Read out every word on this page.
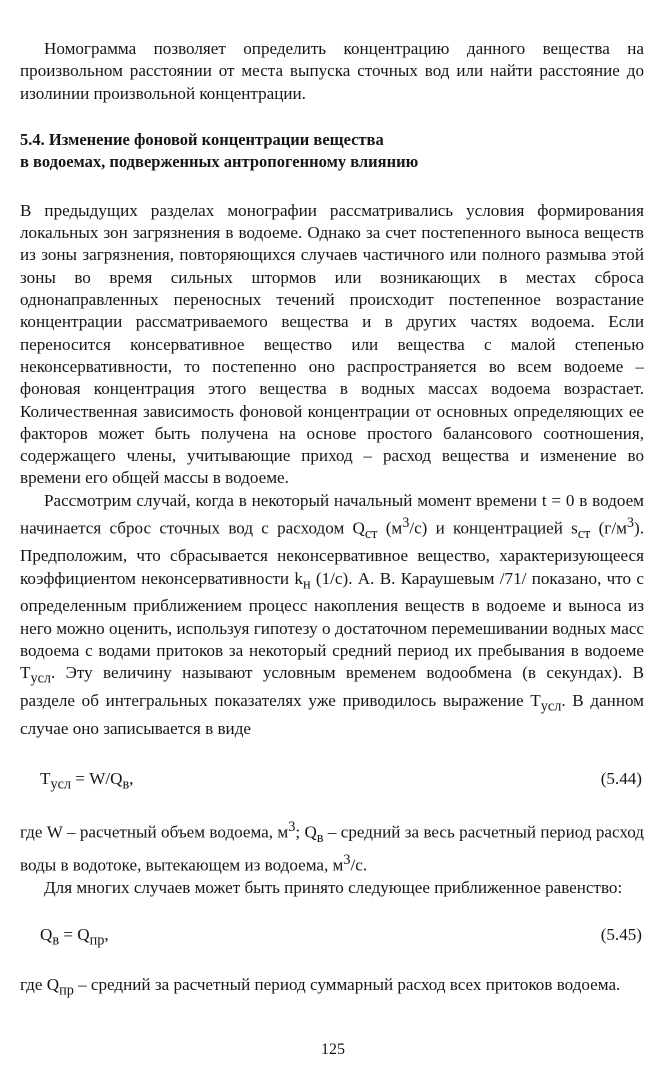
Номограмма позволяет определить концентрацию данного вещества на произвольном расстоянии от места выпуска сточных вод или найти расстояние до изолинии произвольной концентрации.

5.4. Изменение фоновой концентрации вещества
в водоемах, подверженных антропогенному влиянию

В предыдущих разделах монографии рассматривались условия формирования локальных зон загрязнения в водоеме. Однако за счет постепенного выноса веществ из зоны загрязнения, повторяющихся случаев частичного или полного размыва этой зоны во время сильных штормов или возникающих в местах сброса однонаправленных переносных течений происходит постепенное возрастание концентрации рассматриваемого вещества и в других частях водоема. Если переносится консервативное вещество или вещества с малой степенью неконсервативности, то постепенно оно распространяется во всем водоеме – фоновая концентрация этого вещества в водных массах водоема возрастает. Количественная зависимость фоновой концентрации от основных определяющих ее факторов может быть получена на основе простого балансового соотношения, содержащего члены, учитывающие приход – расход вещества и изменение во времени его общей массы в водоеме.

Рассмотрим случай, когда в некоторый начальный момент времени t = 0 в водоем начинается сброс сточных вод с расходом $Q_{ст}$ $(м^3/с)$ и концентрацией $s_{ст}$ $(г/м^3)$. Предположим, что сбрасывается неконсервативное вещество, характеризующееся коэффициентом неконсервативности $k_н$ (1/с). А. В. Караушевым /71/ показано, что с определенным приближением процесс накопления веществ в водоеме и выноса из него можно оценить, используя гипотезу о достаточном перемешивании водных масс водоема с водами притоков за некоторый средний период их пребывания в водоеме $T_{усл}$. Эту величину называют условным временем водообмена (в секундах). В разделе об интегральных показателях уже приводилось выражение $T_{усл}$. В данном случае оно записывается в виде

$T_{усл} = W/Q_в$,	(5.44)

где W – расчетный объем водоема, $м^3$; $Q_в$ – средний за весь расчетный период расход воды в водотоке, вытекающем из водоема, $м^3/с$.

Для многих случаев может быть принято следующее приближенное равенство:

$Q_в = Q_{пр}$,	(5.45)

где $Q_{пр}$ – средний за расчетный период суммарный расход всех притоков водоема.

125
